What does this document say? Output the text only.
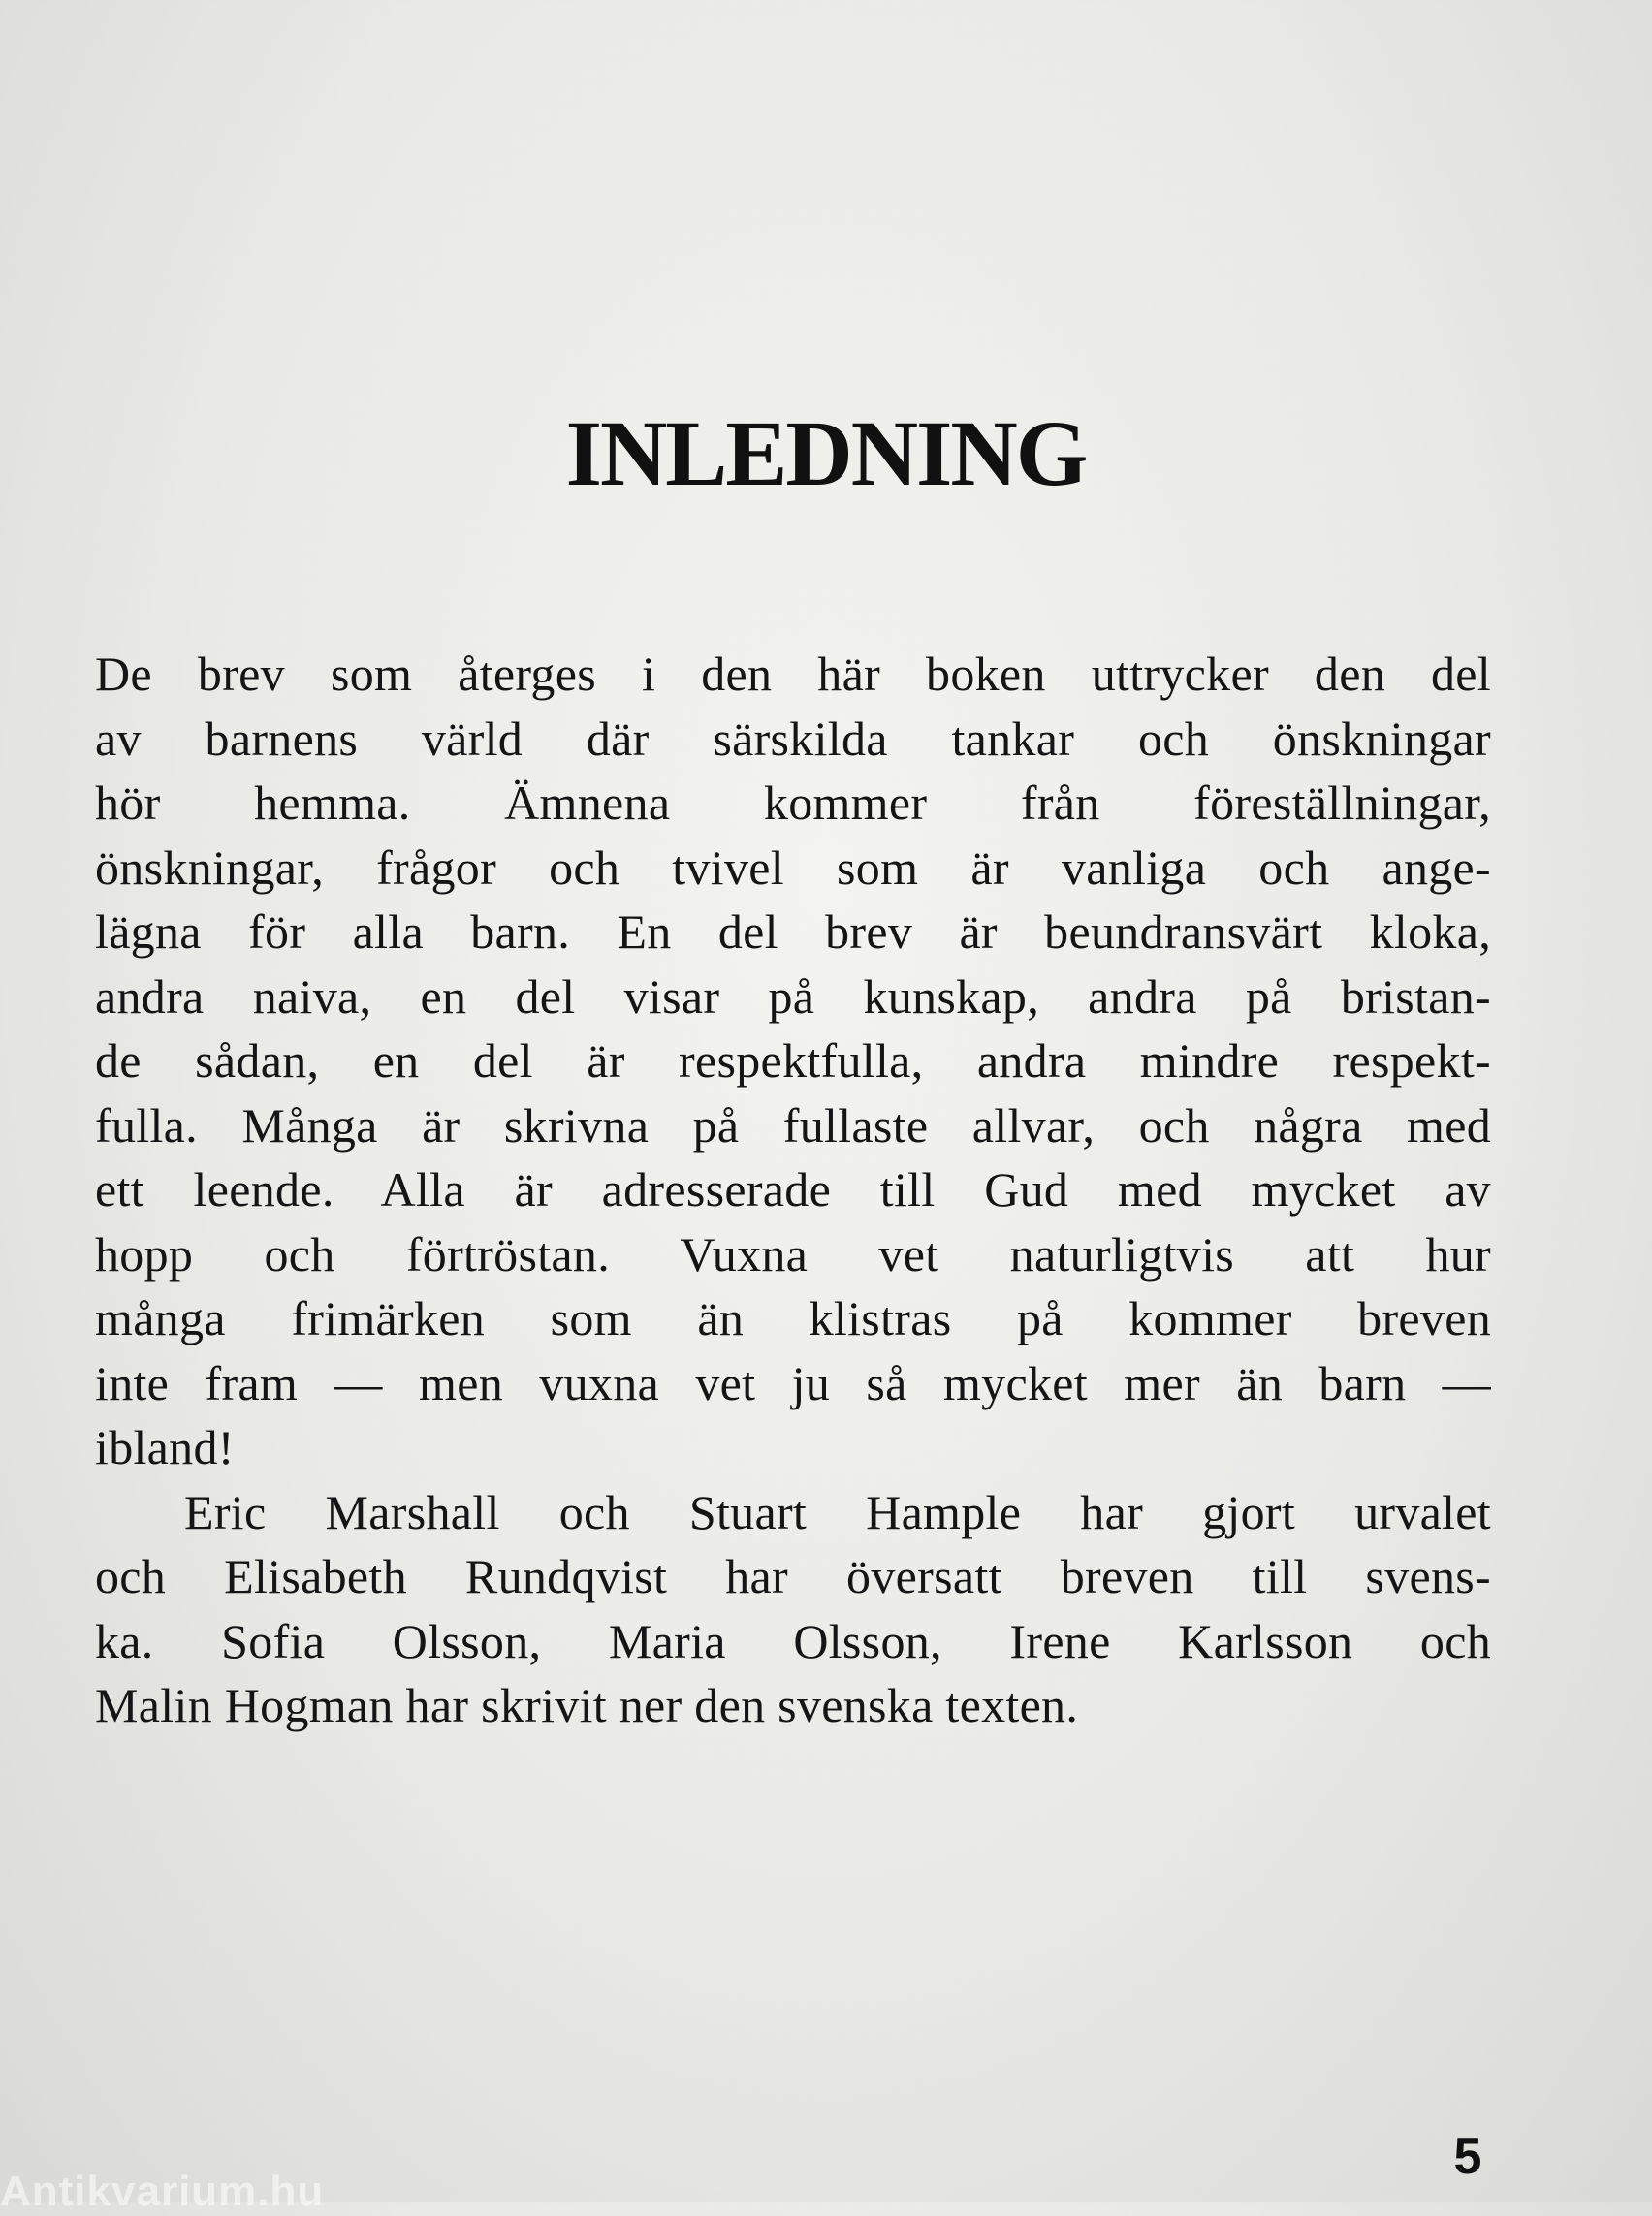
INLEDNING
De brev som återges i den här boken uttrycker den del
av barnens värld där särskilda tankar och önskningar
hör hemma. Ämnena kommer från föreställningar,
önskningar, frågor och tvivel som är vanliga och ange-
lägna för alla barn. En del brev är beundransvärt kloka,
andra naiva, en del visar på kunskap, andra på bristan-
de sådan, en del är respektfulla, andra mindre respekt-
fulla. Många är skrivna på fullaste allvar, och några med
ett leende. Alla är adresserade till Gud med mycket av
hopp och förtröstan. Vuxna vet naturligtvis att hur
många frimärken som än klistras på kommer breven
inte fram — men vuxna vet ju så mycket mer än barn —
ibland!
Eric Marshall och Stuart Hample har gjort urvalet
och Elisabeth Rundqvist har översatt breven till svens-
ka. Sofia Olsson, Maria Olsson, Irene Karlsson och
Malin Hogman har skrivit ner den svenska texten.
5
Antikvarium.hu
